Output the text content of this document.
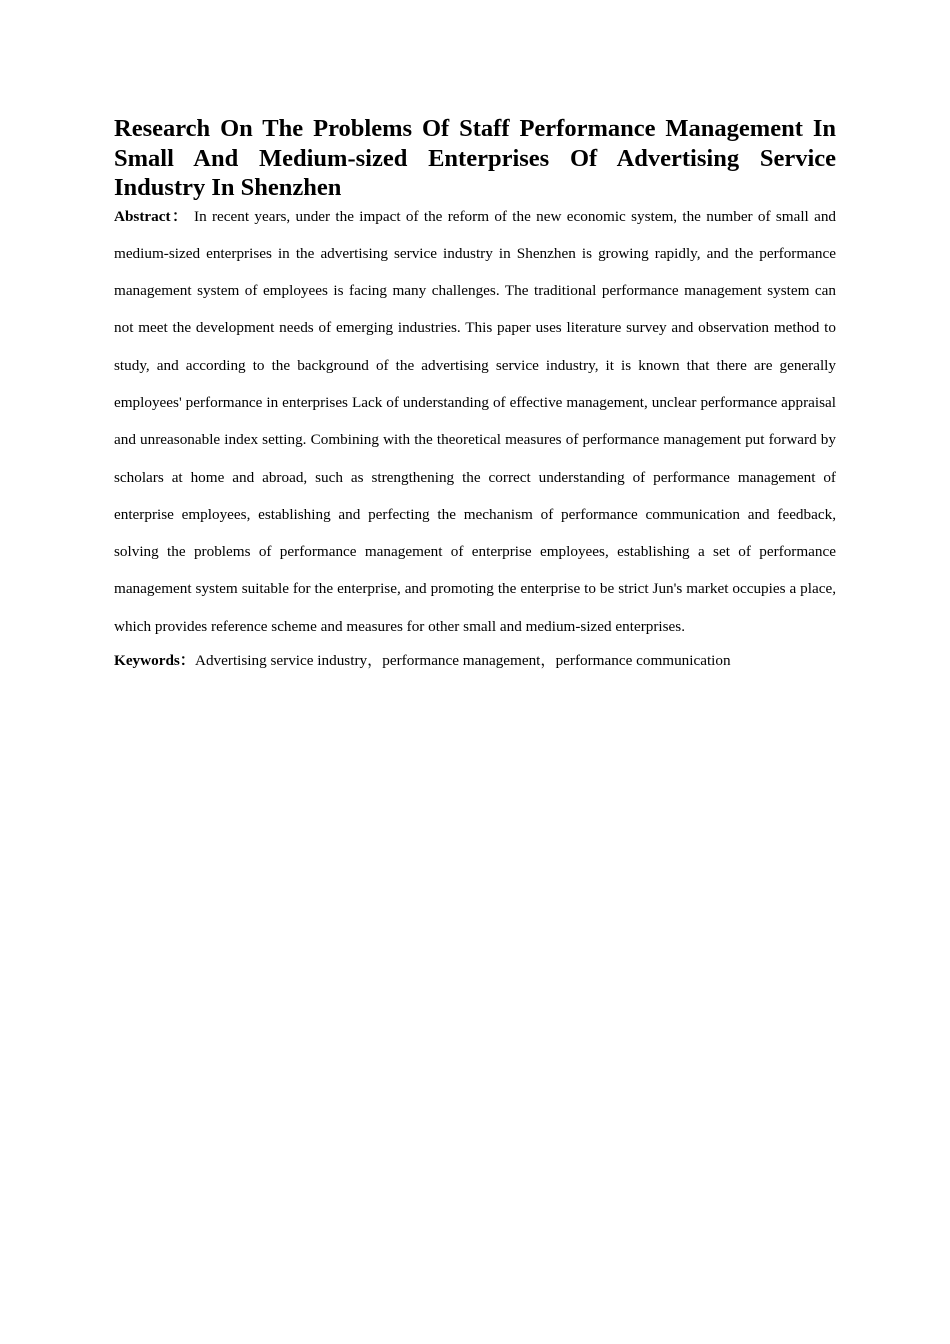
Research On The Problems Of Staff Performance Management In Small And Medium-sized Enterprises Of Advertising Service Industry In Shenzhen

Abstract： In recent years, under the impact of the reform of the new economic system, the number of small and medium-sized enterprises in the advertising service industry in Shenzhen is growing rapidly, and the performance management system of employees is facing many challenges. The traditional performance management system can not meet the development needs of emerging industries. This paper uses literature survey and observation method to study, and according to the background of the advertising service industry, it is known that there are generally employees' performance in enterprises Lack of understanding of effective management, unclear performance appraisal and unreasonable index setting. Combining with the theoretical measures of performance management put forward by scholars at home and abroad, such as strengthening the correct understanding of performance management of enterprise employees, establishing and perfecting the mechanism of performance communication and feedback, solving the problems of performance management of enterprise employees, establishing a set of performance management system suitable for the enterprise, and promoting the enterprise to be strict Jun's market occupies a place, which provides reference scheme and measures for other small and medium-sized enterprises.

Keywords：Advertising service industry，performance management，performance communication
